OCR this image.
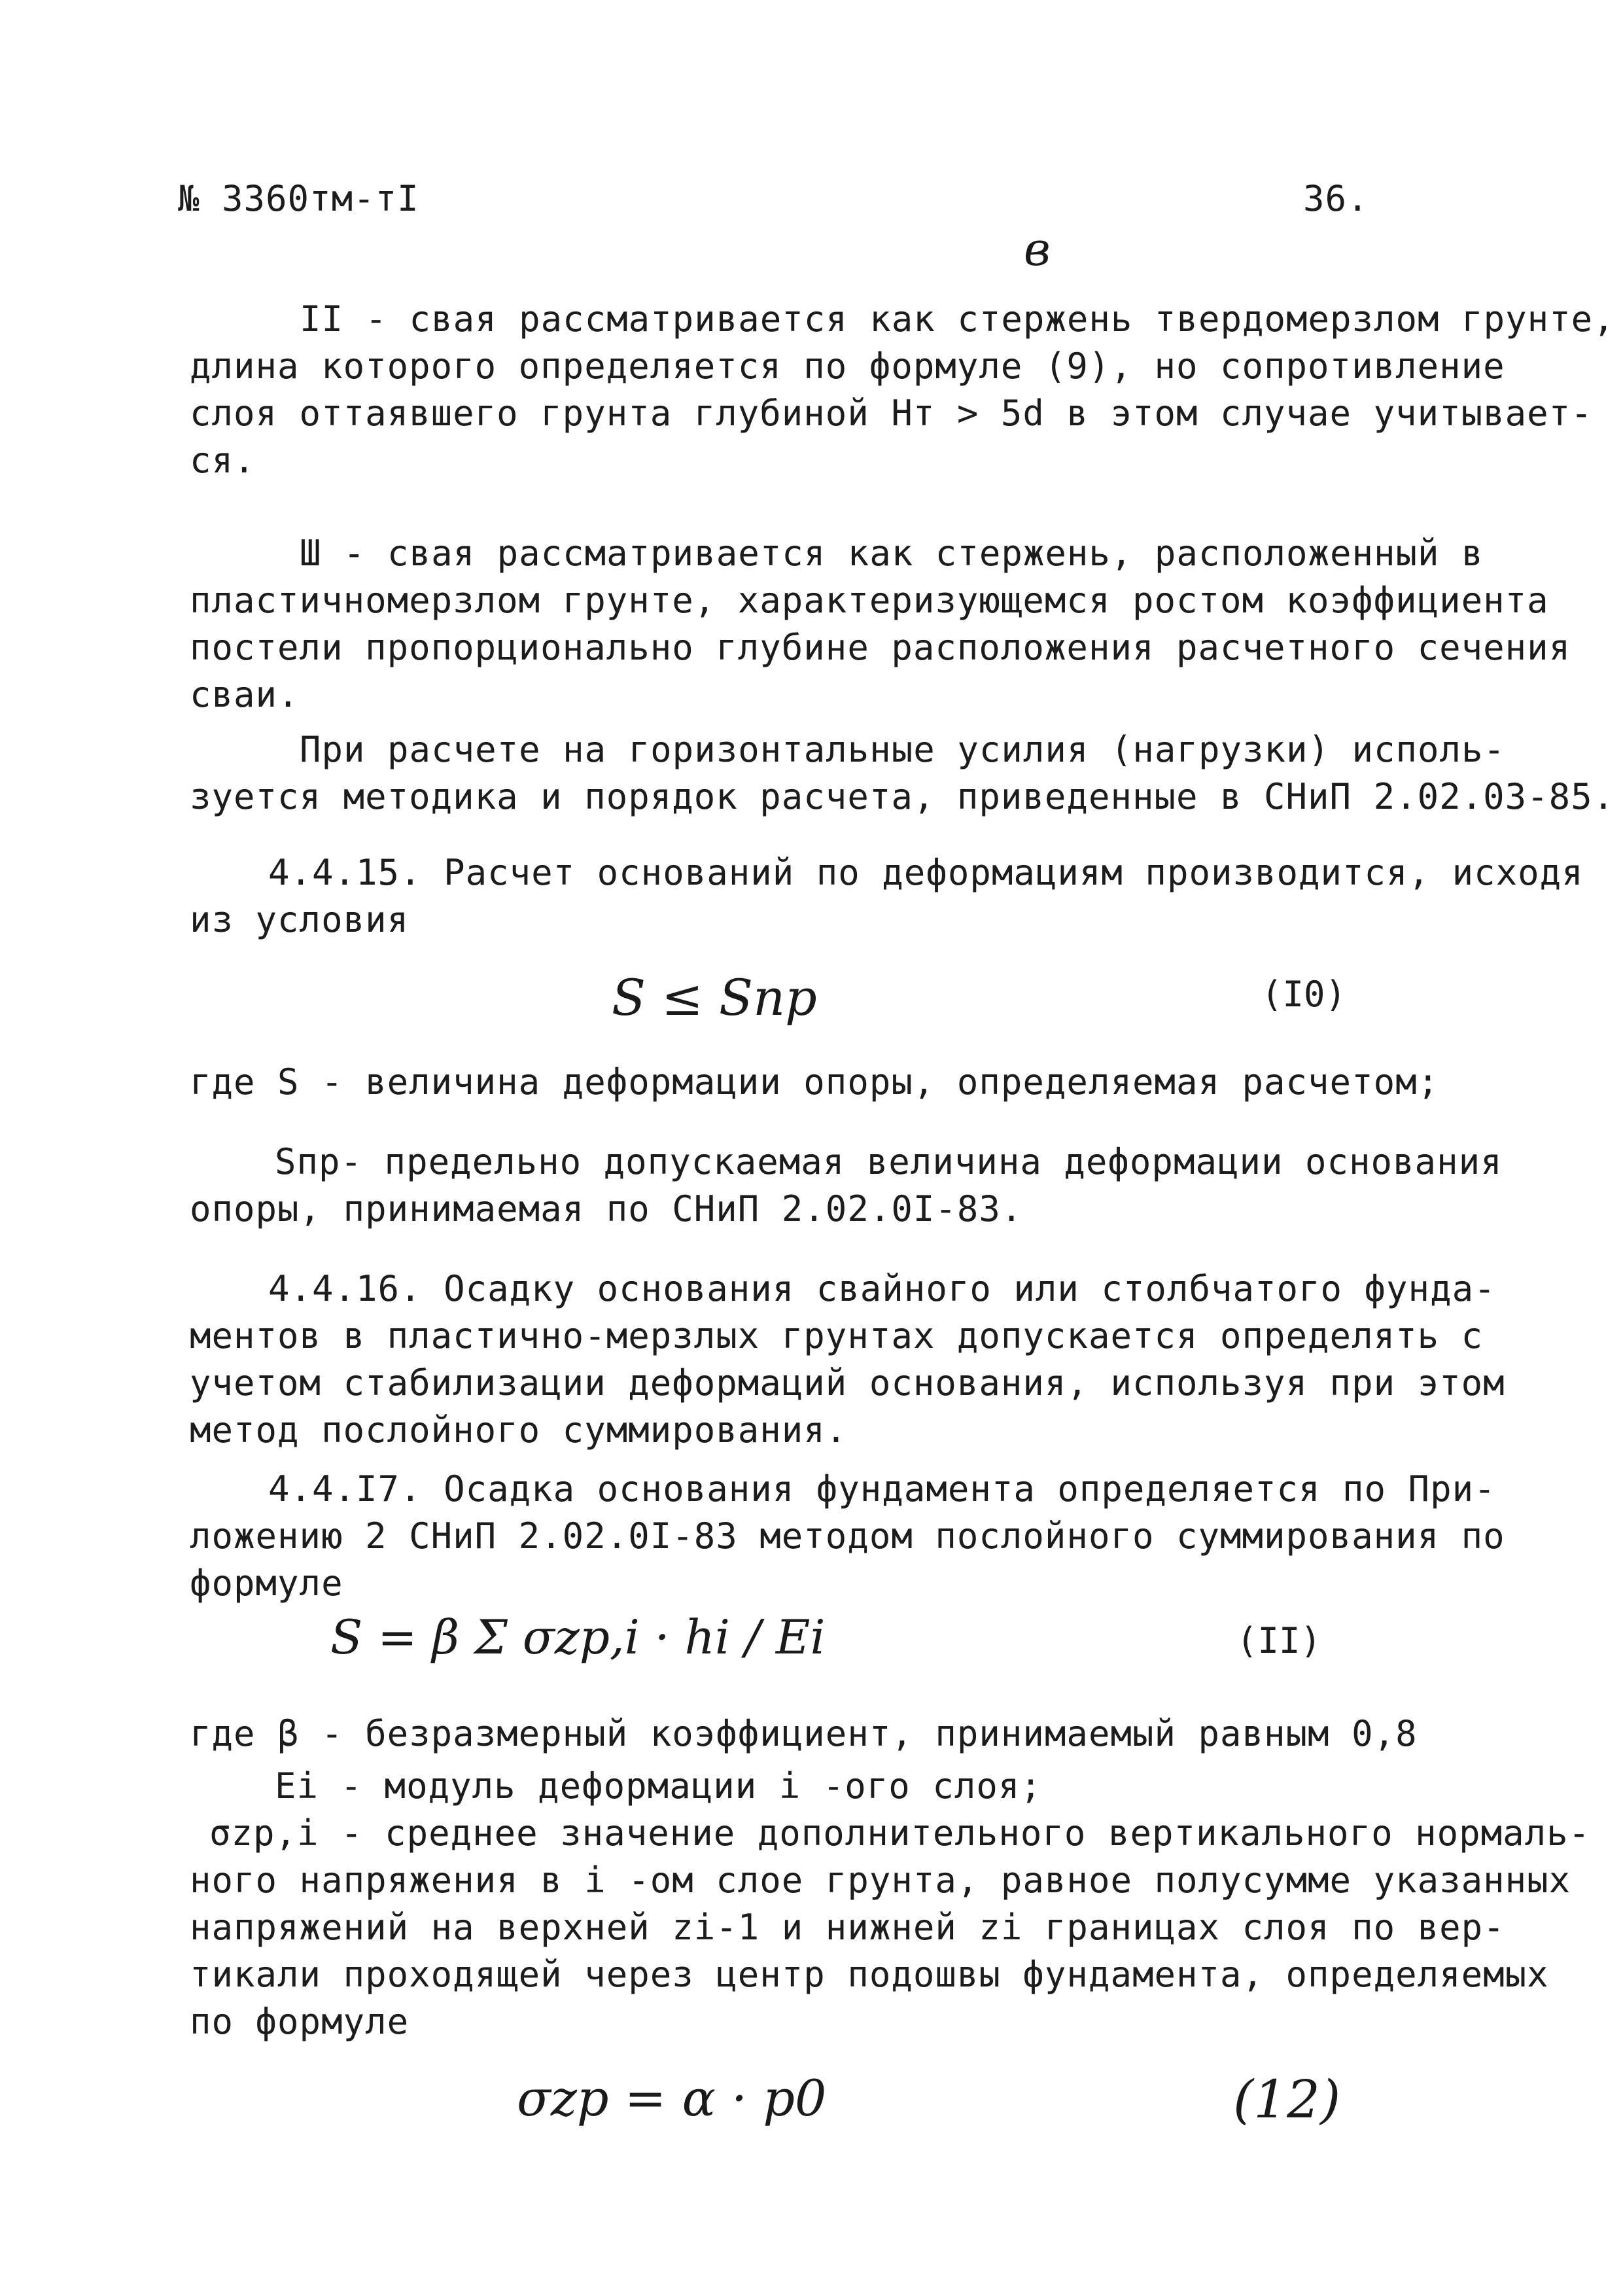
№ 3360тм-тI	36.
в
II - свая рассматривается как стержень твердомерзлом грунте,
длина которого определяется по формуле (9), но сопротивление
слоя оттаявшего грунта глубиной Нт > 5d в этом случае учитывает-
ся.
Ш - свая рассматривается как стержень, расположенный в
пластичномерзлом грунте, характеризующемся ростом коэффициента
постели пропорционально глубине расположения расчетного сечения
сваи.
При расчете на горизонтальные усилия (нагрузки) исполь-
зуется методика и порядок расчета, приведенные в СНиП 2.02.03-85.
4.4.15. Расчет оснований по деформациям производится, исходя
из условия
S ≤ Sпр	(I0)
где S - величина деформации опоры, определяемая расчетом;
Sпр- предельно допускаемая величина деформации основания
опоры, принимаемая по СНиП 2.02.0I-83.
4.4.16. Осадку основания свайного или столбчатого фунда-
ментов в пластично-мерзлых грунтах допускается определять с
учетом стабилизации деформаций основания, используя при этом
метод послойного суммирования.
4.4.I7. Осадка основания фундамента определяется по При-
ложению 2 СНиП 2.02.0I-83 методом послойного суммирования по
формуле
S = β Σ σzp,i · hi / Ei	(II)
где β - безразмерный коэффициент, принимаемый равным 0,8
Ei - модуль деформации i -ого слоя;
σzp,i - среднее значение дополнительного вертикального нормаль-
ного напряжения в i -ом слое грунта, равное полусумме указанных
напряжений на верхней zi-1 и нижней zi границах слоя по вер-
тикали проходящей через центр подошвы фундамента, определяемых
по формуле
σzp = α · p0	(12)
